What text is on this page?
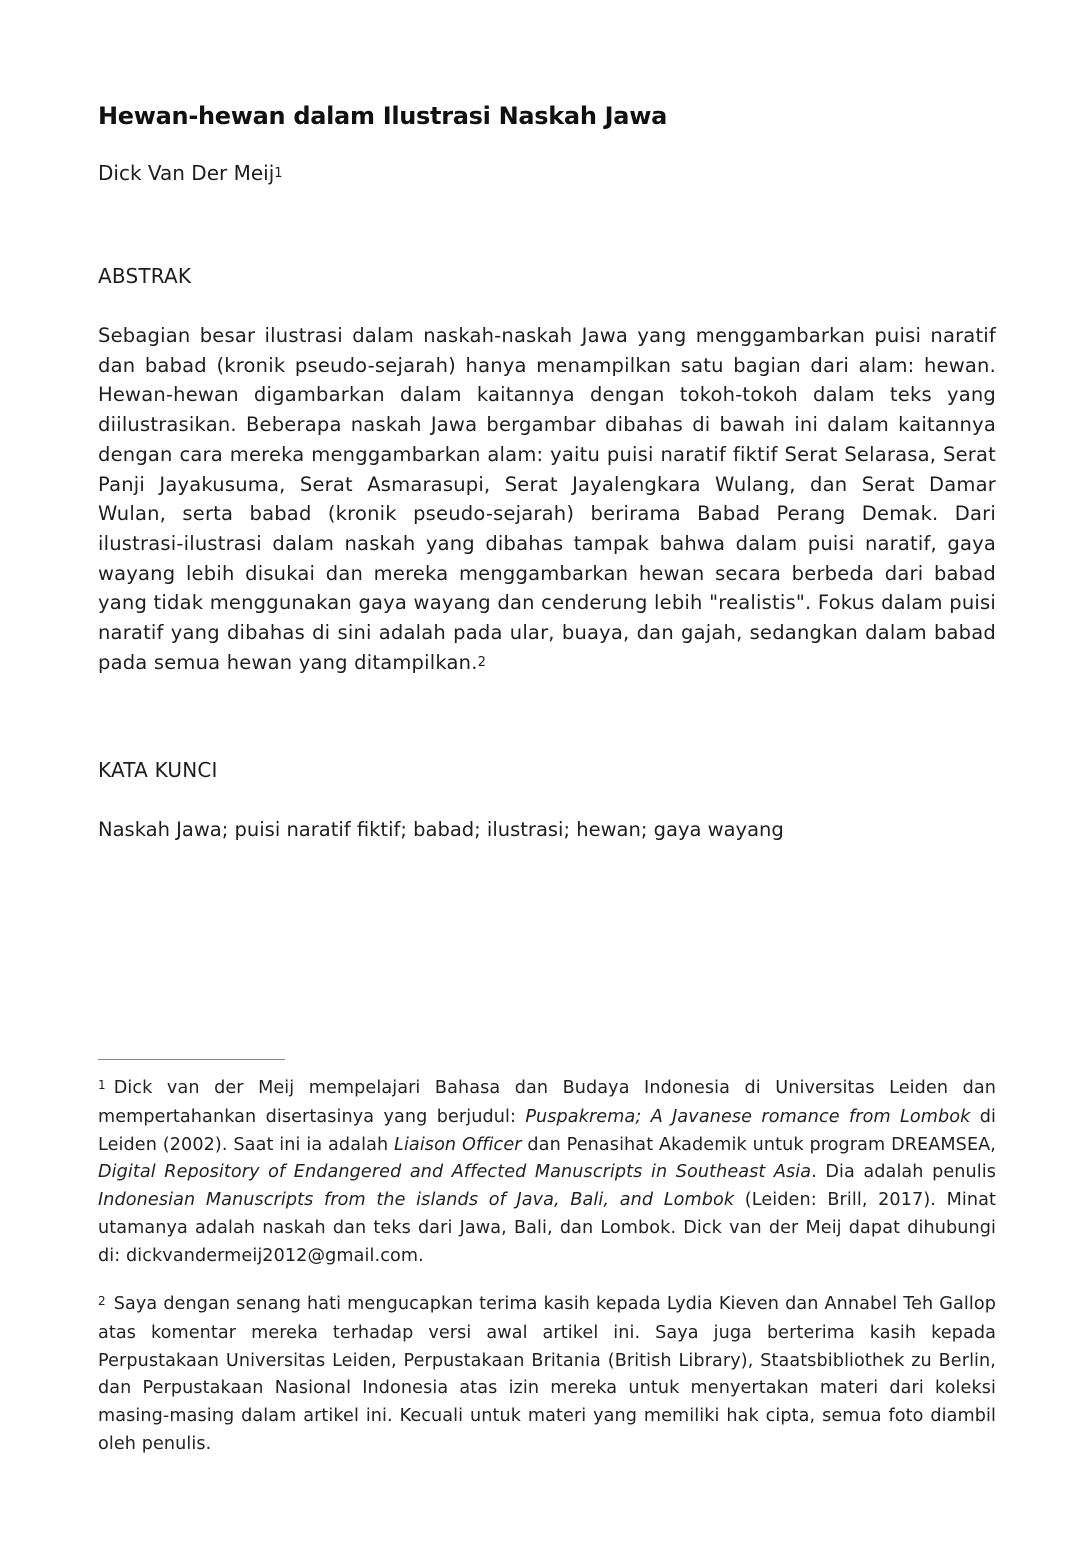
Hewan-hewan dalam Ilustrasi Naskah Jawa

Dick Van Der Meij$^1$

ABSTRAK

Sebagian besar ilustrasi dalam naskah-naskah Jawa yang menggambarkan puisi naratif dan babad (kronik pseudo-sejarah) hanya menampilkan satu bagian dari alam: hewan. Hewan-hewan digambarkan dalam kaitannya dengan tokoh-tokoh dalam teks yang diilustrasikan. Beberapa naskah Jawa bergambar dibahas di bawah ini dalam kaitannya dengan cara mereka menggambarkan alam: yaitu puisi naratif fiktif Serat Selarasa, Serat Panji Jayakusuma, Serat Asmarasupi, Serat Jayalengkara Wulang, dan Serat Damar Wulan, serta babad (kronik pseudo-sejarah) berirama Babad Perang Demak. Dari ilustrasi-ilustrasi dalam naskah yang dibahas tampak bahwa dalam puisi naratif, gaya wayang lebih disukai dan mereka menggambarkan hewan secara berbeda dari babad yang tidak menggunakan gaya wayang dan cenderung lebih "realistis". Fokus dalam puisi naratif yang dibahas di sini adalah pada ular, buaya, dan gajah, sedangkan dalam babad pada semua hewan yang ditampilkan.$^2$

KATA KUNCI

Naskah Jawa; puisi naratif fiktif; babad; ilustrasi; hewan; gaya wayang

$^1$ Dick van der Meij mempelajari Bahasa dan Budaya Indonesia di Universitas Leiden dan mempertahankan disertasinya yang berjudul: Puspakrema; A Javanese romance from Lombok di Leiden (2002). Saat ini ia adalah Liaison Officer dan Penasihat Akademik untuk program DREAMSEA, Digital Repository of Endangered and Affected Manuscripts in Southeast Asia. Dia adalah penulis Indonesian Manuscripts from the islands of Java, Bali, and Lombok (Leiden: Brill, 2017). Minat utamanya adalah naskah dan teks dari Jawa, Bali, dan Lombok. Dick van der Meij dapat dihubungi di: dickvandermeij2012@gmail.com.

$^2$ Saya dengan senang hati mengucapkan terima kasih kepada Lydia Kieven dan Annabel Teh Gallop atas komentar mereka terhadap versi awal artikel ini. Saya juga berterima kasih kepada Perpustakaan Universitas Leiden, Perpustakaan Britania (British Library), Staatsbibliothek zu Berlin, dan Perpustakaan Nasional Indonesia atas izin mereka untuk menyertakan materi dari koleksi masing-masing dalam artikel ini. Kecuali untuk materi yang memiliki hak cipta, semua foto diambil oleh penulis.
